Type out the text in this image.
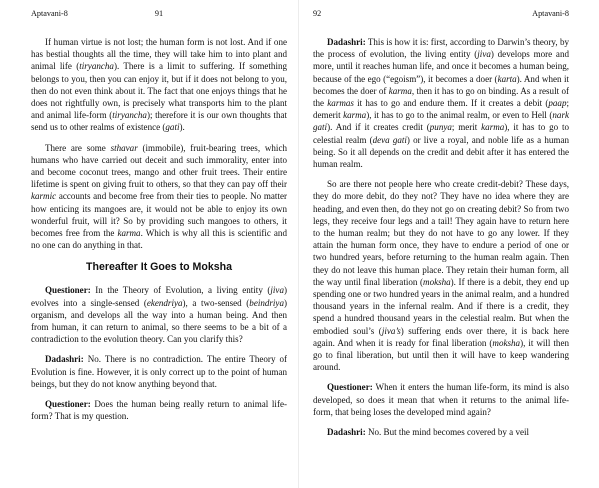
Aptavani-8	91

If human virtue is not lost; the human form is not lost. And if one has bestial thoughts all the time, they will take him to into plant and animal life (tiryancha). There is a limit to suffering. If something belongs to you, then you can enjoy it, but if it does not belong to you, then do not even think about it. The fact that one enjoys things that he does not rightfully own, is precisely what transports him to the plant and animal life-form (tiryancha); therefore it is our own thoughts that send us to other realms of existence (gati).

There are some sthavar (immobile), fruit-bearing trees, which humans who have carried out deceit and such immorality, enter into and become coconut trees, mango and other fruit trees. Their entire lifetime is spent on giving fruit to others, so that they can pay off their karmic accounts and become free from their ties to people. No matter how enticing its mangoes are, it would not be able to enjoy its own wonderful fruit, will it? So by providing such mangoes to others, it becomes free from the karma. Which is why all this is scientific and no one can do anything in that.

Thereafter It Goes to Moksha

Questioner: In the Theory of Evolution, a living entity (jiva) evolves into a single-sensed (ekendriya), a two-sensed (beindriya) organism, and develops all the way into a human being. And then from human, it can return to animal, so there seems to be a bit of a contradiction to the evolution theory. Can you clarify this?

Dadashri: No. There is no contradiction. The entire Theory of Evolution is fine. However, it is only correct up to the point of human beings, but they do not know anything beyond that.

Questioner: Does the human being really return to animal life-form? That is my question.

92	Aptavani-8

Dadashri: This is how it is: first, according to Darwin’s theory, by the process of evolution, the living entity (jiva) develops more and more, until it reaches human life, and once it becomes a human being, because of the ego (“egoism”), it becomes a doer (karta). And when it becomes the doer of karma, then it has to go on binding. As a result of the karmas it has to go and endure them. If it creates a debit (paap; demerit karma), it has to go to the animal realm, or even to Hell (nark gati). And if it creates credit (punya; merit karma), it has to go to celestial realm (deva gati) or live a royal, and noble life as a human being. So it all depends on the credit and debit after it has entered the human realm.

So are there not people here who create credit-debit? These days, they do more debit, do they not? They have no idea where they are heading, and even then, do they not go on creating debit? So from two legs, they receive four legs and a tail! They again have to return here to the human realm; but they do not have to go any lower. If they attain the human form once, they have to endure a period of one or two hundred years, before returning to the human realm again. Then they do not leave this human place. They retain their human form, all the way until final liberation (moksha). If there is a debit, they end up spending one or two hundred years in the animal realm, and a hundred thousand years in the infernal realm. And if there is a credit, they spend a hundred thousand years in the celestial realm. But when the embodied soul’s (jiva’s) suffering ends over there, it is back here again. And when it is ready for final liberation (moksha), it will then go to final liberation, but until then it will have to keep wandering around.

Questioner: When it enters the human life-form, its mind is also developed, so does it mean that when it returns to the animal life-form, that being loses the developed mind again?

Dadashri: No. But the mind becomes covered by a veil
